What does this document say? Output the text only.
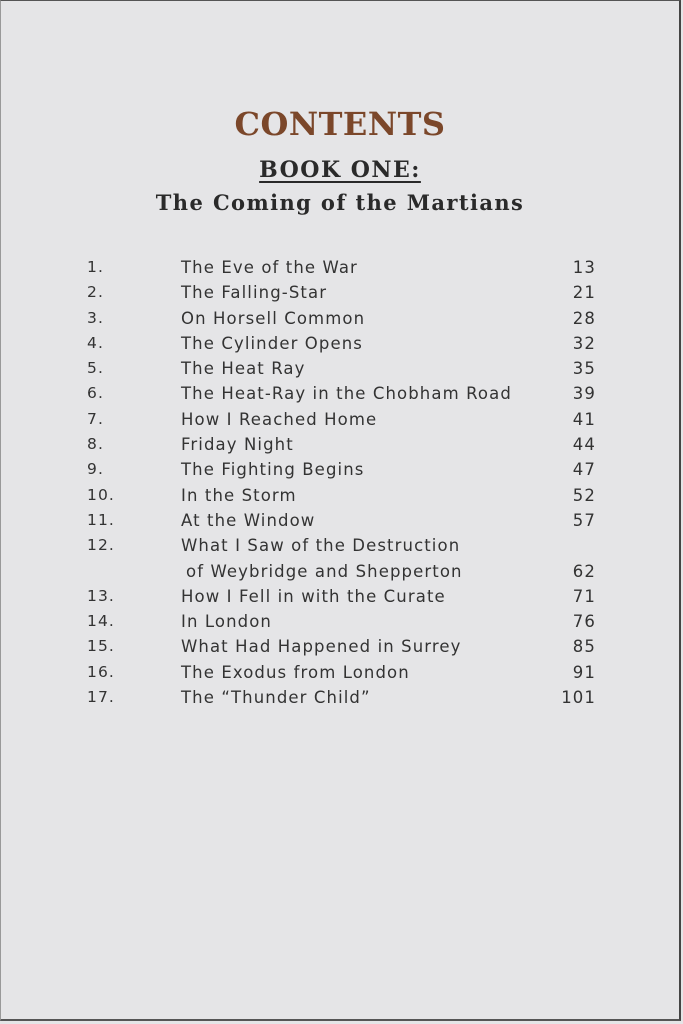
CONTENTS
BOOK ONE:
The Coming of the Martians
1.	The Eve of the War	13
2.	The Falling-Star	21
3.	On Horsell Common	28
4.	The Cylinder Opens	32
5.	The Heat Ray	35
6.	The Heat-Ray in the Chobham Road	39
7.	How I Reached Home	41
8.	Friday Night	44
9.	The Fighting Begins	47
10.	In the Storm	52
11.	At the Window	57
12.	What I Saw of the Destruction
of Weybridge and Shepperton	62
13.	How I Fell in with the Curate	71
14.	In London	76
15.	What Had Happened in Surrey	85
16.	The Exodus from London	91
17.	The “Thunder Child”	101
